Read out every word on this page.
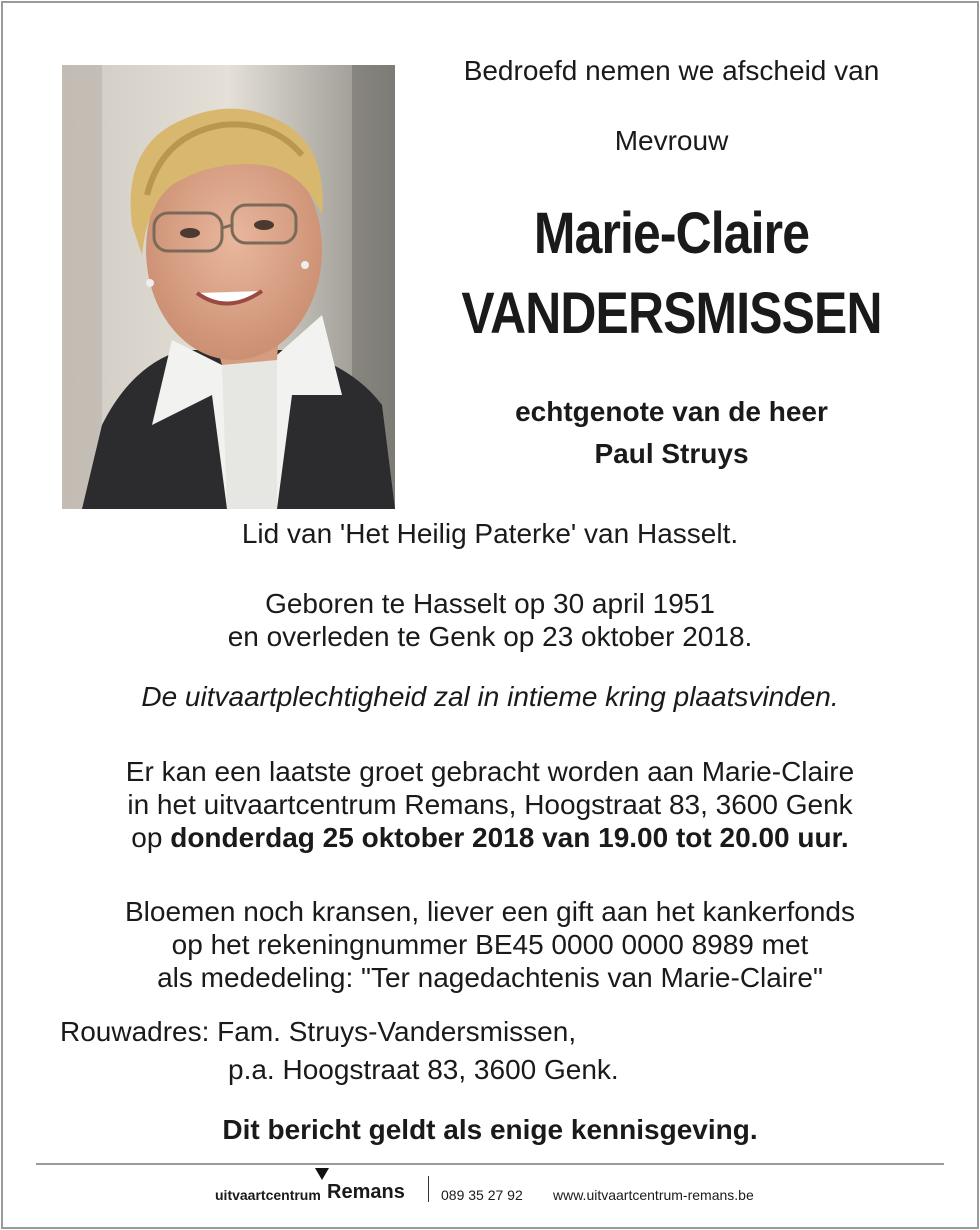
Bedroefd nemen we afscheid van
Mevrouw
Marie-Claire
VANDERSMISSEN
echtgenote van de heer
Paul Struys
Lid van 'Het Heilig Paterke' van Hasselt.
Geboren te Hasselt op 30 april 1951
en overleden te Genk op 23 oktober 2018.
De uitvaartplechtigheid zal in intieme kring plaatsvinden.
Er kan een laatste groet gebracht worden aan Marie-Claire
in het uitvaartcentrum Remans, Hoogstraat 83, 3600 Genk
op donderdag 25 oktober 2018 van 19.00 tot 20.00 uur.
Bloemen noch kransen, liever een gift aan het kankerfonds
op het rekeningnummer BE45 0000 0000 8989 met
als mededeling: "Ter nagedachtenis van Marie-Claire"
Rouwadres: Fam. Struys-Vandersmissen,
p.a. Hoogstraat 83, 3600 Genk.
Dit bericht geldt als enige kennisgeving.
uitvaartcentrum Remans	089 35 27 92 www.uitvaartcentrum-remans.be
